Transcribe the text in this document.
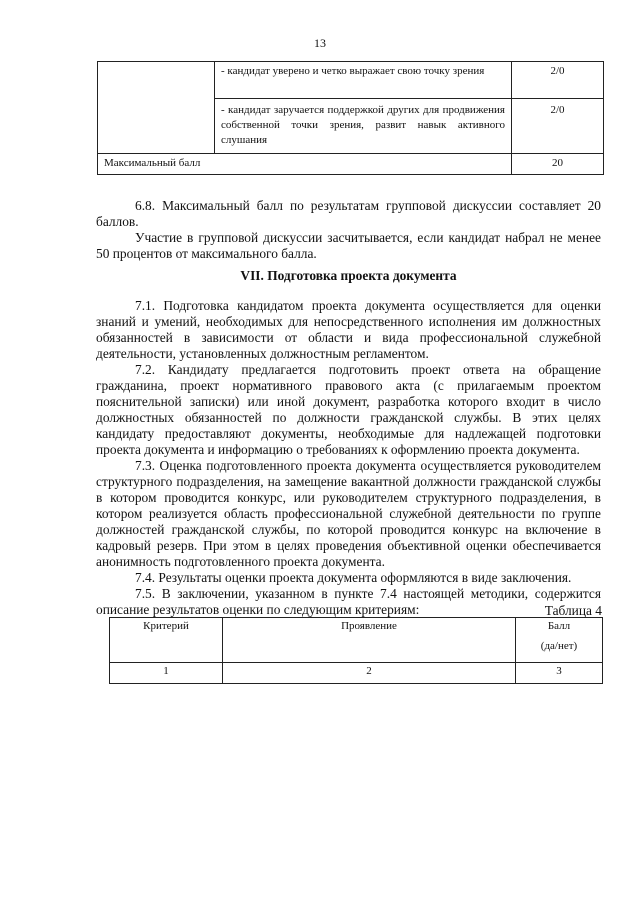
13
	- кандидат уверено и четко выражает свою точку зрения	2/0
	- кандидат заручается поддержкой других для продвижения собственной точки зрения, развит навык активного слушания	2/0
Максимальный балл		20
6.8. Максимальный балл по результатам групповой дискуссии составляет 20 баллов.
Участие в групповой дискуссии засчитывается, если кандидат набрал не менее 50 процентов от максимального балла.
VII. Подготовка проекта документа
7.1. Подготовка кандидатом проекта документа осуществляется для оценки знаний и умений, необходимых для непосредственного исполнения им должностных обязанностей в зависимости от области и вида профессиональной служебной деятельности, установленных должностным регламентом.
7.2. Кандидату предлагается подготовить проект ответа на обращение гражданина, проект нормативного правового акта (с прилагаемым проектом пояснительной записки) или иной документ, разработка которого входит в число должностных обязанностей по должности гражданской службы. В этих целях кандидату предоставляют документы, необходимые для надлежащей подготовки проекта документа и информацию о требованиях к оформлению проекта документа.
7.3. Оценка подготовленного проекта документа осуществляется руководителем структурного подразделения, на замещение вакантной должности гражданской службы в котором проводится конкурс, или руководителем структурного подразделения, в котором реализуется область профессиональной служебной деятельности по группе должностей гражданской службы, по которой проводится конкурс на включение в кадровый резерв. При этом в целях проведения объективной оценки обеспечивается анонимность подготовленного проекта документа.
7.4. Результаты оценки проекта документа оформляются в виде заключения.
7.5. В заключении, указанном в пункте 7.4 настоящей методики, содержится описание результатов оценки по следующим критериям:	Таблица 4
Критерий	Проявление	Балл
(да/нет)

1	2	3
